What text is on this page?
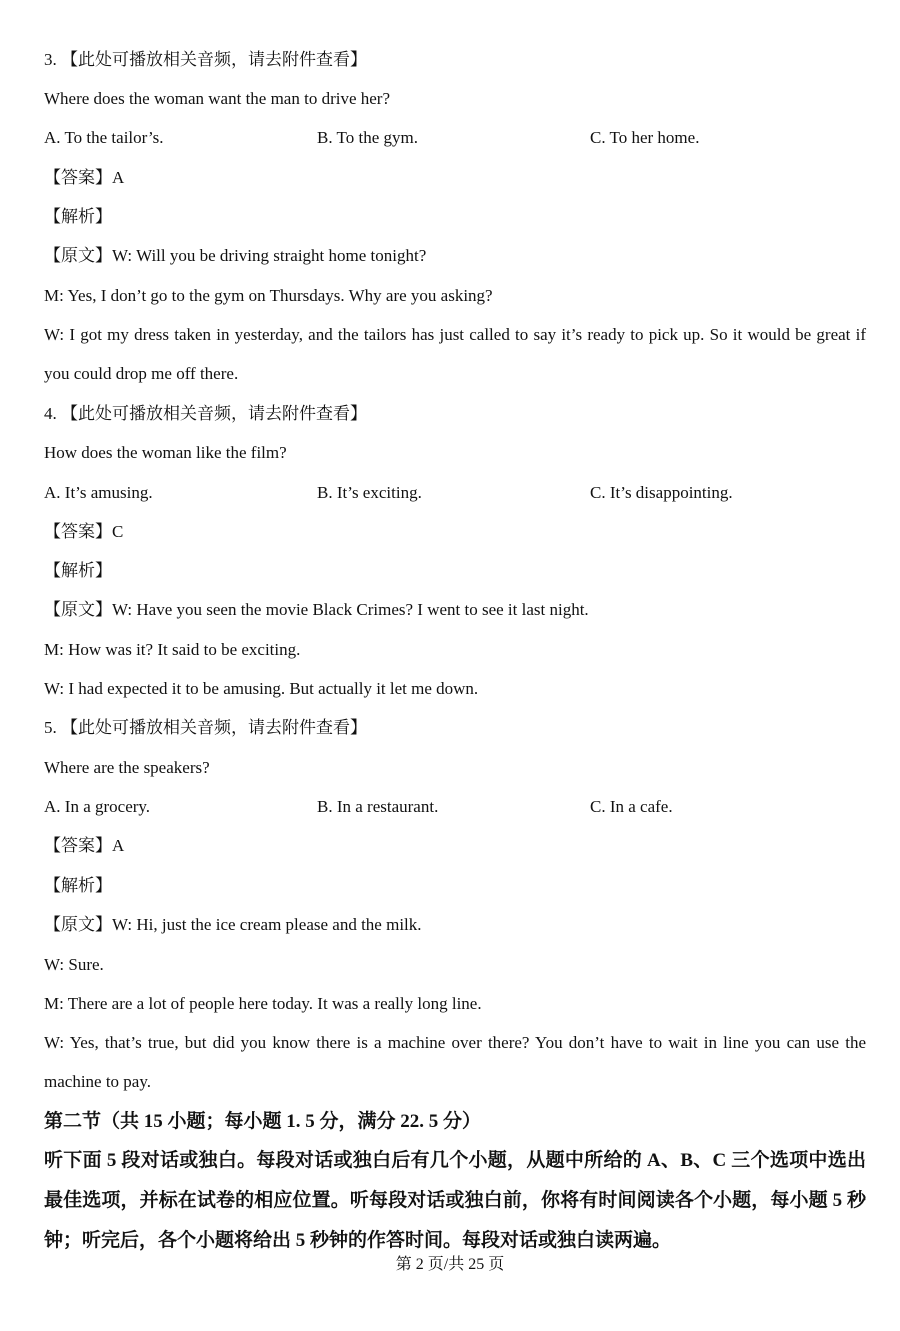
3. 【此处可播放相关音频，请去附件查看】
Where does the woman want the man to drive her?
A. To the tailor’s.	B. To the gym.	C. To her home.
【答案】A
【解析】
【原文】W: Will you be driving straight home tonight?
M: Yes, I don’t go to the gym on Thursdays. Why are you asking?
W: I got my dress taken in yesterday, and the tailors has just called to say it’s ready to pick up. So it would be great if you could drop me off there.
4. 【此处可播放相关音频，请去附件查看】
How does the woman like the film?
A. It’s amusing.	B. It’s exciting.	C. It’s disappointing.
【答案】C
【解析】
【原文】W: Have you seen the movie Black Crimes? I went to see it last night.
M: How was it? It said to be exciting.
W: I had expected it to be amusing. But actually it let me down.
5. 【此处可播放相关音频，请去附件查看】
Where are the speakers?
A. In a grocery.	B. In a restaurant.	C. In a cafe.
【答案】A
【解析】
【原文】W: Hi, just the ice cream please and the milk.
W: Sure.
M: There are a lot of people here today. It was a really long line.
W: Yes, that’s true, but did you know there is a machine over there? You don’t have to wait in line you can use the machine to pay.
第二节（共 15 小题；每小题 1. 5 分，满分 22. 5 分）
听下面 5 段对话或独白。每段对话或独白后有几个小题，从题中所给的 A、B、C 三个选项中选出最佳选项，并标在试卷的相应位置。听每段对话或独白前，你将有时间阅读各个小题，每小题 5 秒钟；听完后，各个小题将给出 5 秒钟的作答时间。每段对话或独白读两遍。
第 2 页/共 25 页
